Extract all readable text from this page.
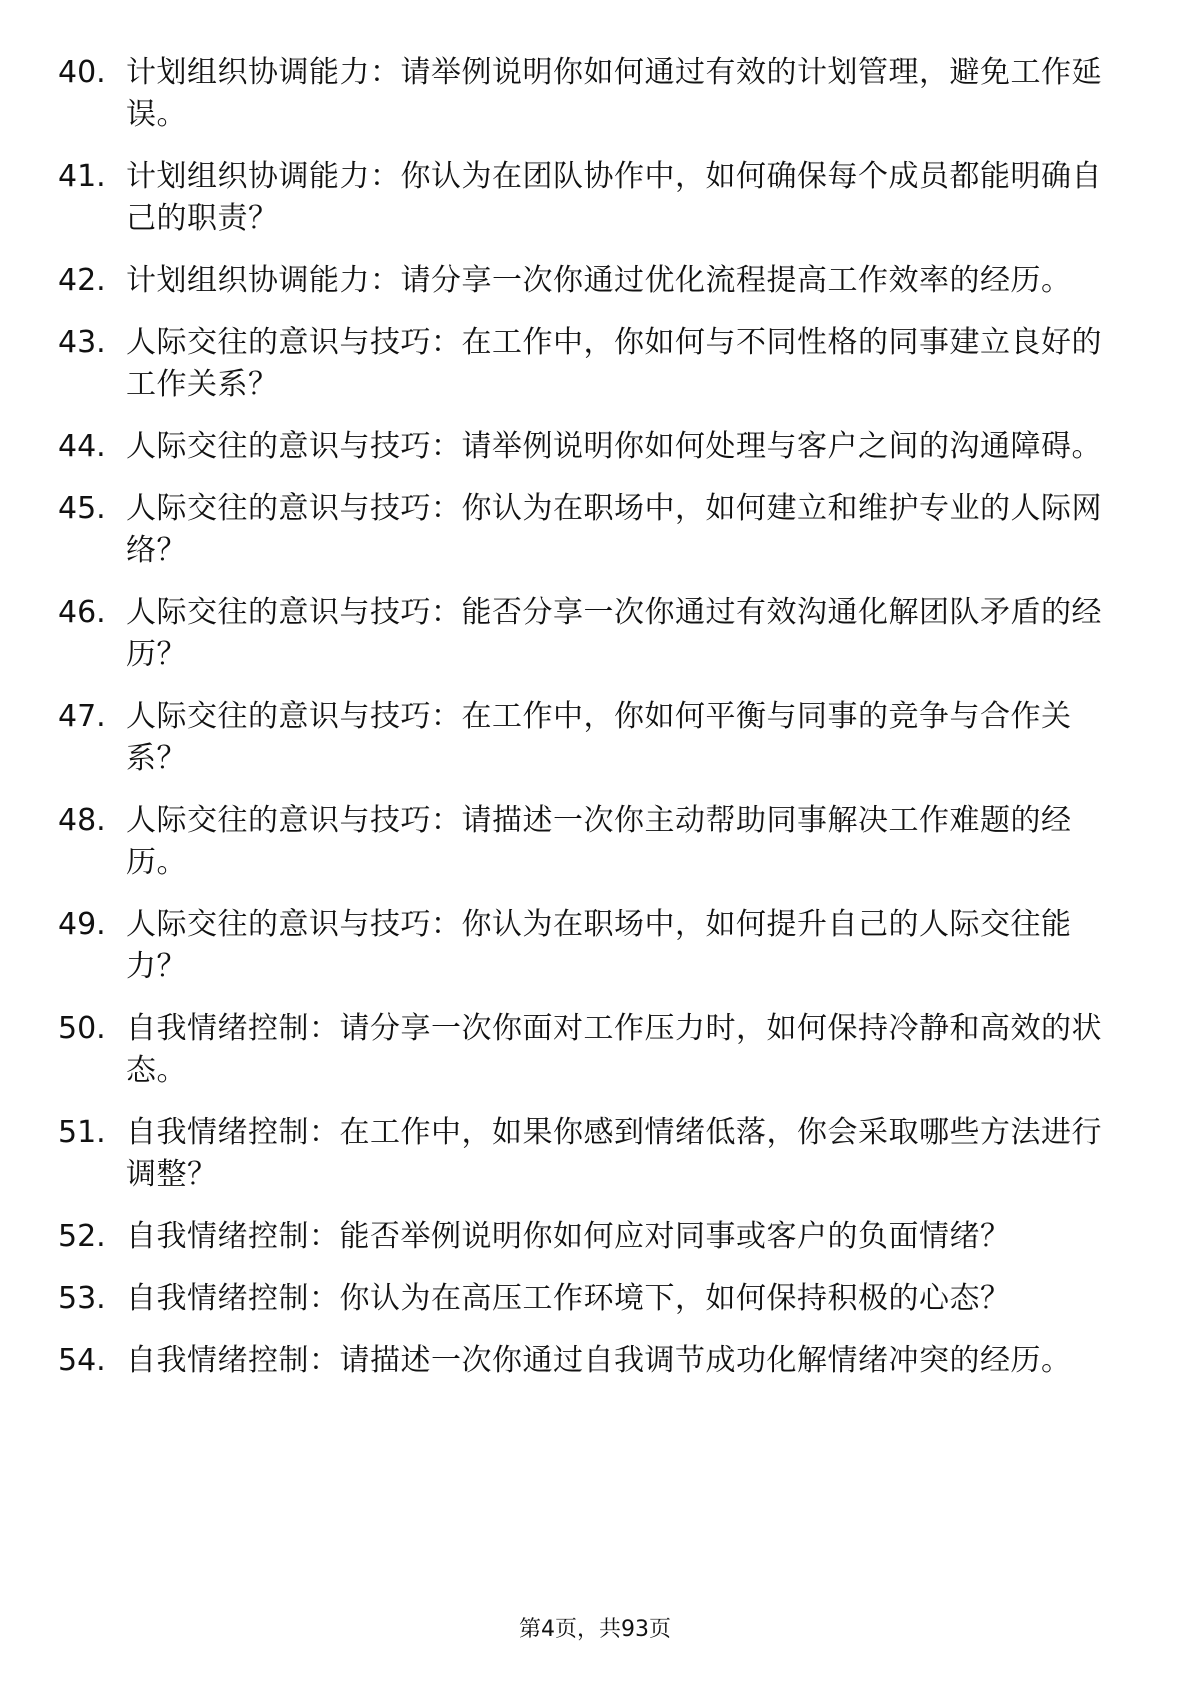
40. 计划组织协调能力：请举例说明你如何通过有效的计划管理，避免工作延误。
41. 计划组织协调能力：你认为在团队协作中，如何确保每个成员都能明确自己的职责？
42. 计划组织协调能力：请分享一次你通过优化流程提高工作效率的经历。
43. 人际交往的意识与技巧：在工作中，你如何与不同性格的同事建立良好的工作关系？
44. 人际交往的意识与技巧：请举例说明你如何处理与客户之间的沟通障碍。
45. 人际交往的意识与技巧：你认为在职场中，如何建立和维护专业的人际网络？
46. 人际交往的意识与技巧：能否分享一次你通过有效沟通化解团队矛盾的经历？
47. 人际交往的意识与技巧：在工作中，你如何平衡与同事的竞争与合作关系？
48. 人际交往的意识与技巧：请描述一次你主动帮助同事解决工作难题的经历。
49. 人际交往的意识与技巧：你认为在职场中，如何提升自己的人际交往能力？
50. 自我情绪控制：请分享一次你面对工作压力时，如何保持冷静和高效的状态。
51. 自我情绪控制：在工作中，如果你感到情绪低落，你会采取哪些方法进行调整？
52. 自我情绪控制：能否举例说明你如何应对同事或客户的负面情绪？
53. 自我情绪控制：你认为在高压工作环境下，如何保持积极的心态？
54. 自我情绪控制：请描述一次你通过自我调节成功化解情绪冲突的经历。
第4页，共93页
